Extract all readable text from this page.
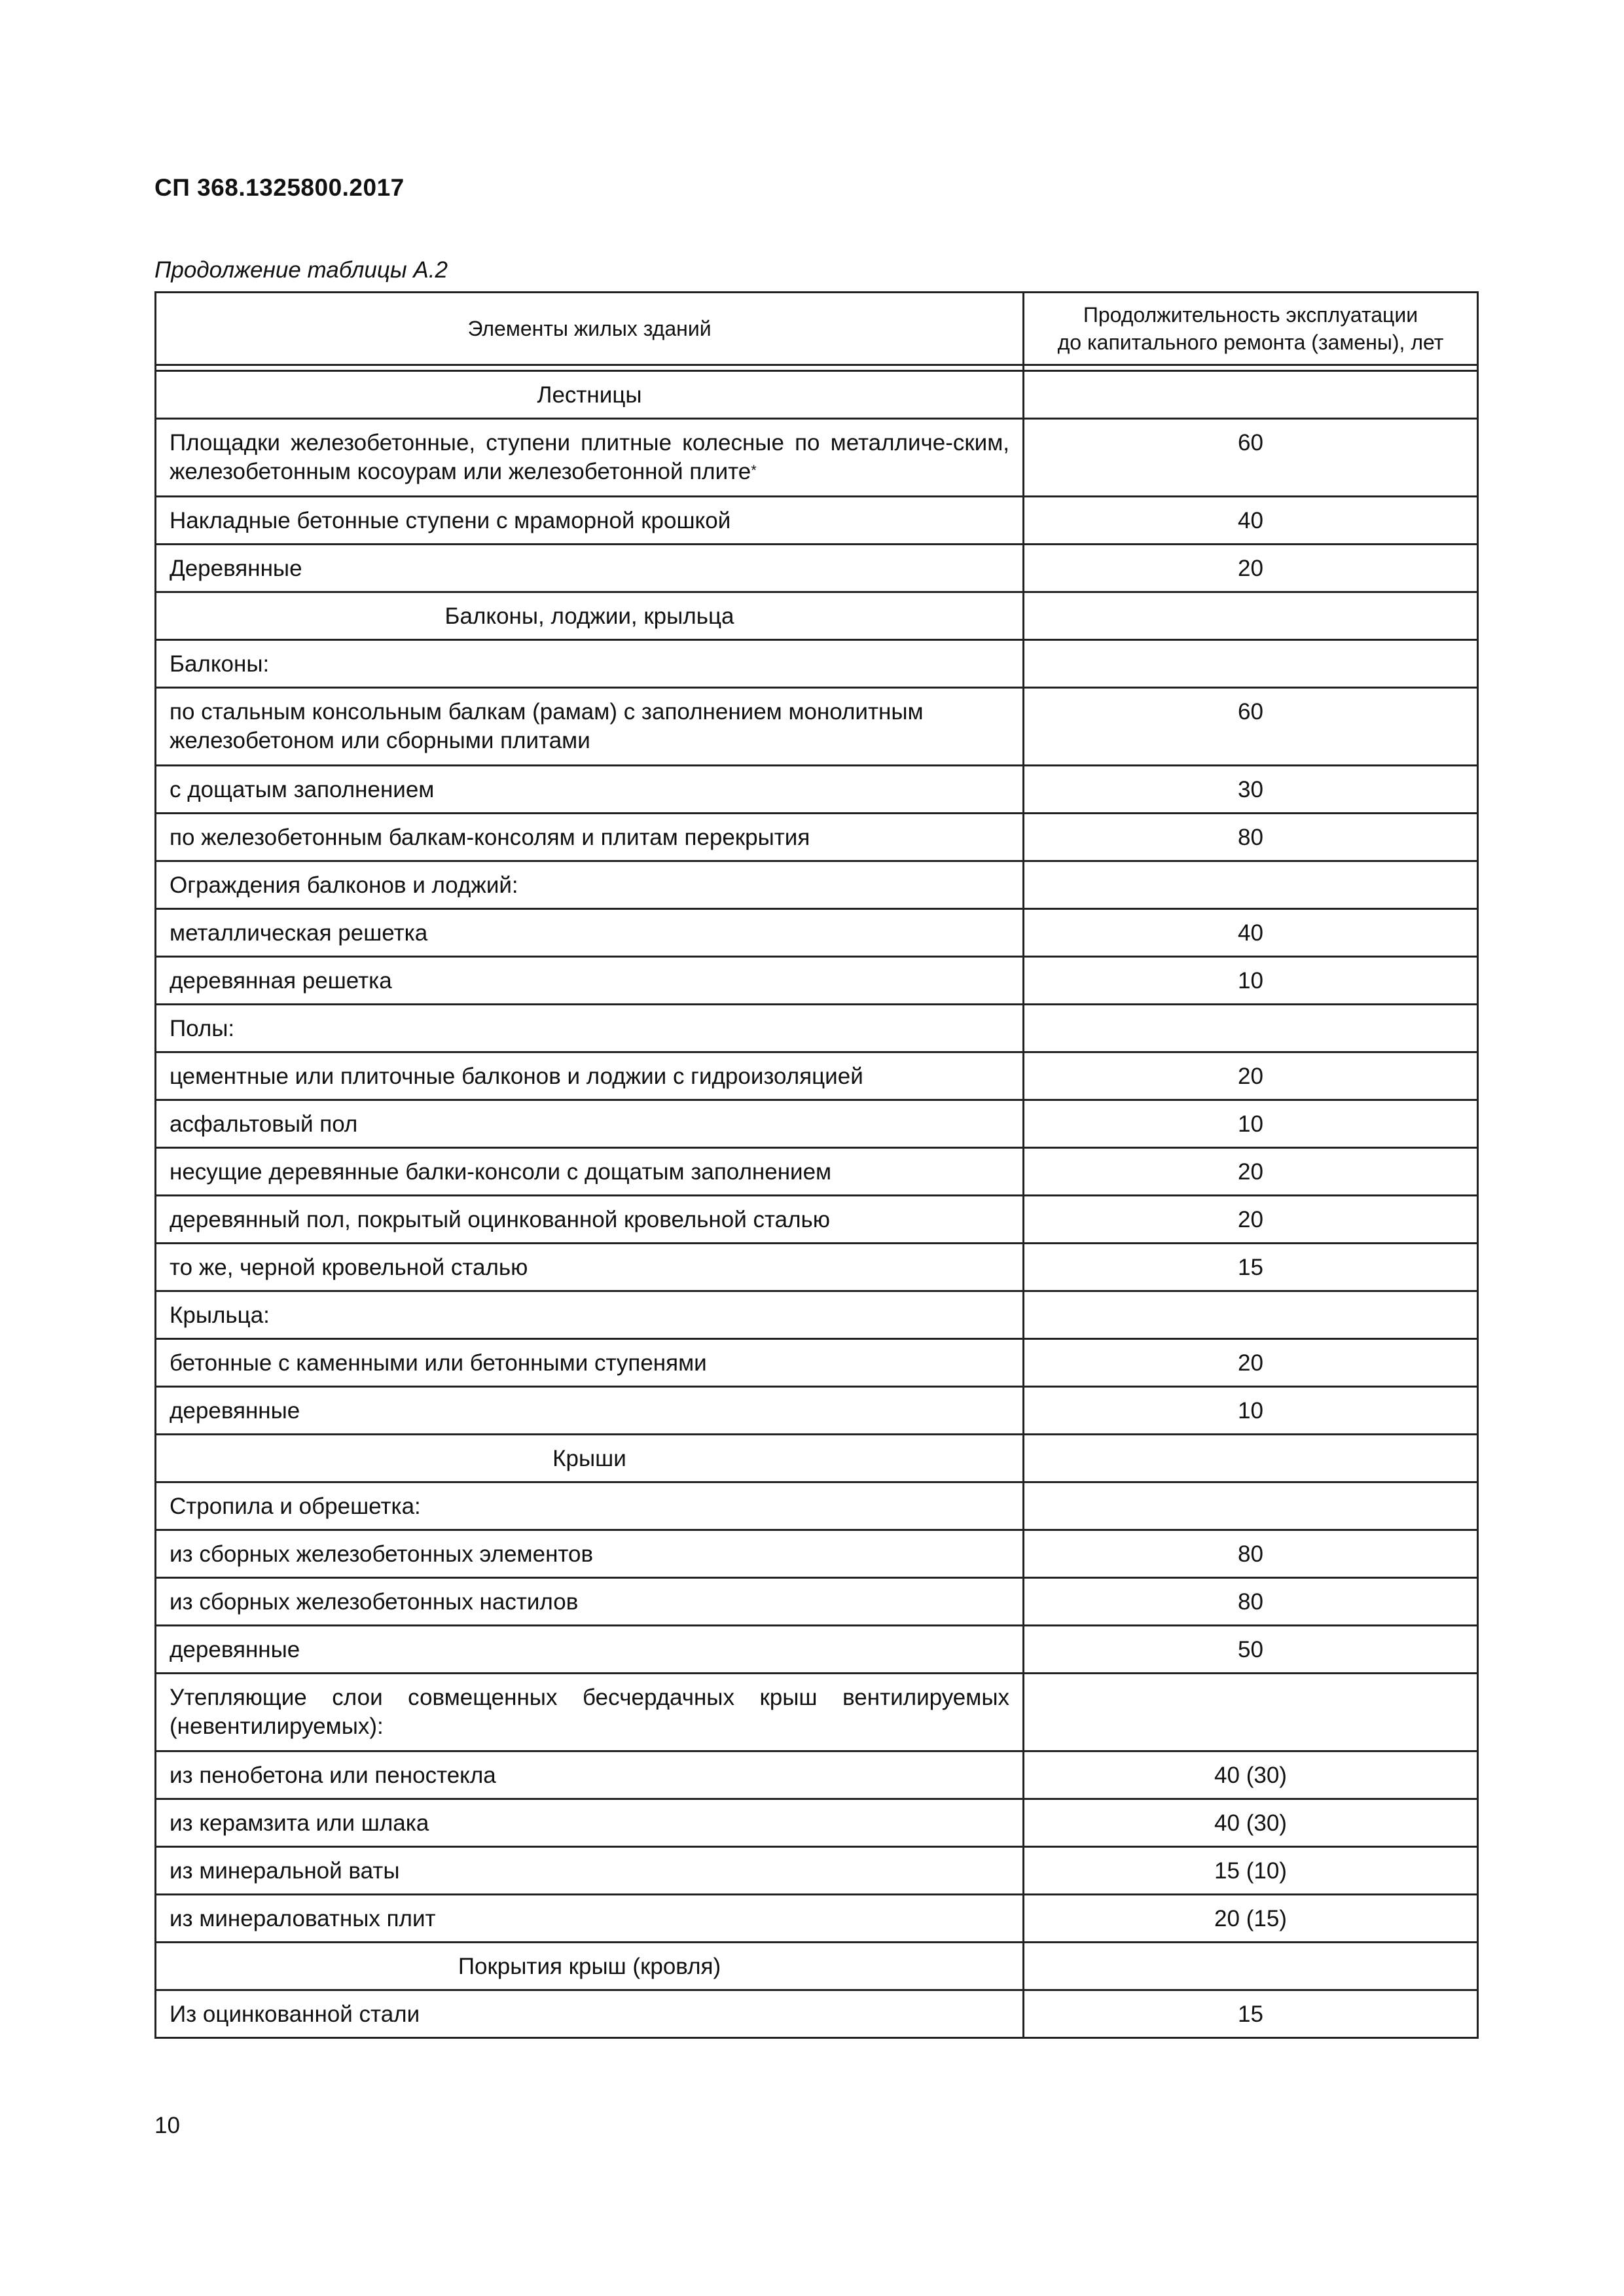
СП 368.1325800.2017
Продолжение таблицы А.2
Элементы жилых зданий	Продолжительность эксплуатации
до капитального ремонта (замены), лет

Лестницы	
Площадки железобетонные, ступени плитные колесные по металличе-ским, железобетонным косоурам или железобетонной плите*	60
Накладные бетонные ступени с мраморной крошкой	40
Деревянные	20
Балконы, лоджии, крыльца	
Балконы:	
по стальным консольным балкам (рамам) с заполнением монолитным железобетоном или сборными плитами	60
с дощатым заполнением	30
по железобетонным балкам-консолям и плитам перекрытия	80
Ограждения балконов и лоджий:	
металлическая решетка	40
деревянная решетка	10
Полы:	
цементные или плиточные балконов и лоджии с гидроизоляцией	20
асфальтовый пол	10
несущие деревянные балки-консоли с дощатым заполнением	20
деревянный пол, покрытый оцинкованной кровельной сталью	20
то же, черной кровельной сталью	15
Крыльца:	
бетонные с каменными или бетонными ступенями	20
деревянные	10
Крыши	
Стропила и обрешетка:	
из сборных железобетонных элементов	80
из сборных железобетонных настилов	80
деревянные	50
Утепляющие слои совмещенных бесчердачных крыш вентилируемых (невентилируемых):	
из пенобетона или пеностекла	40 (30)
из керамзита или шлака	40 (30)
из минеральной ваты	15 (10)
из минераловатных плит	20 (15)
Покрытия крыш (кровля)	
Из оцинкованной стали	15
10
